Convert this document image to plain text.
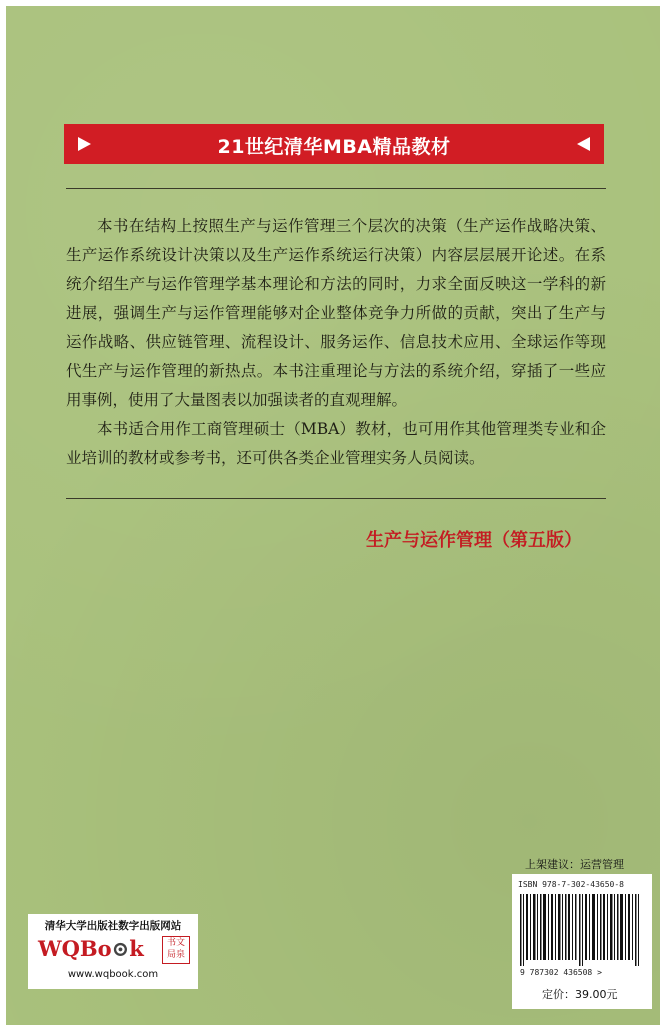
21世纪清华MBA精品教材

本书在结构上按照生产与运作管理三个层次的决策（生产运作战略决策、生产运作系统设计决策以及生产运作系统运行决策）内容层层展开论述。在系统介绍生产与运作管理学基本理论和方法的同时，力求全面反映这一学科的新进展，强调生产与运作管理能够对企业整体竞争力所做的贡献，突出了生产与运作战略、供应链管理、流程设计、服务运作、信息技术应用、全球运作等现代生产与运作管理的新热点。本书注重理论与方法的系统介绍，穿插了一些应用事例，使用了大量图表以加强读者的直观理解。

本书适合用作工商管理硕士（MBA）教材，也可用作其他管理类专业和企业培训的教材或参考书，还可供各类企业管理实务人员阅读。

生产与运作管理（第五版）
上架建议：运营管理
ISBN 978-7-302-43650-8
9 787302 436508 >
定价：39.00元
清华大学出版社数字出版网站
WQBo⊙k	书文局泉
www.wqbook.com
